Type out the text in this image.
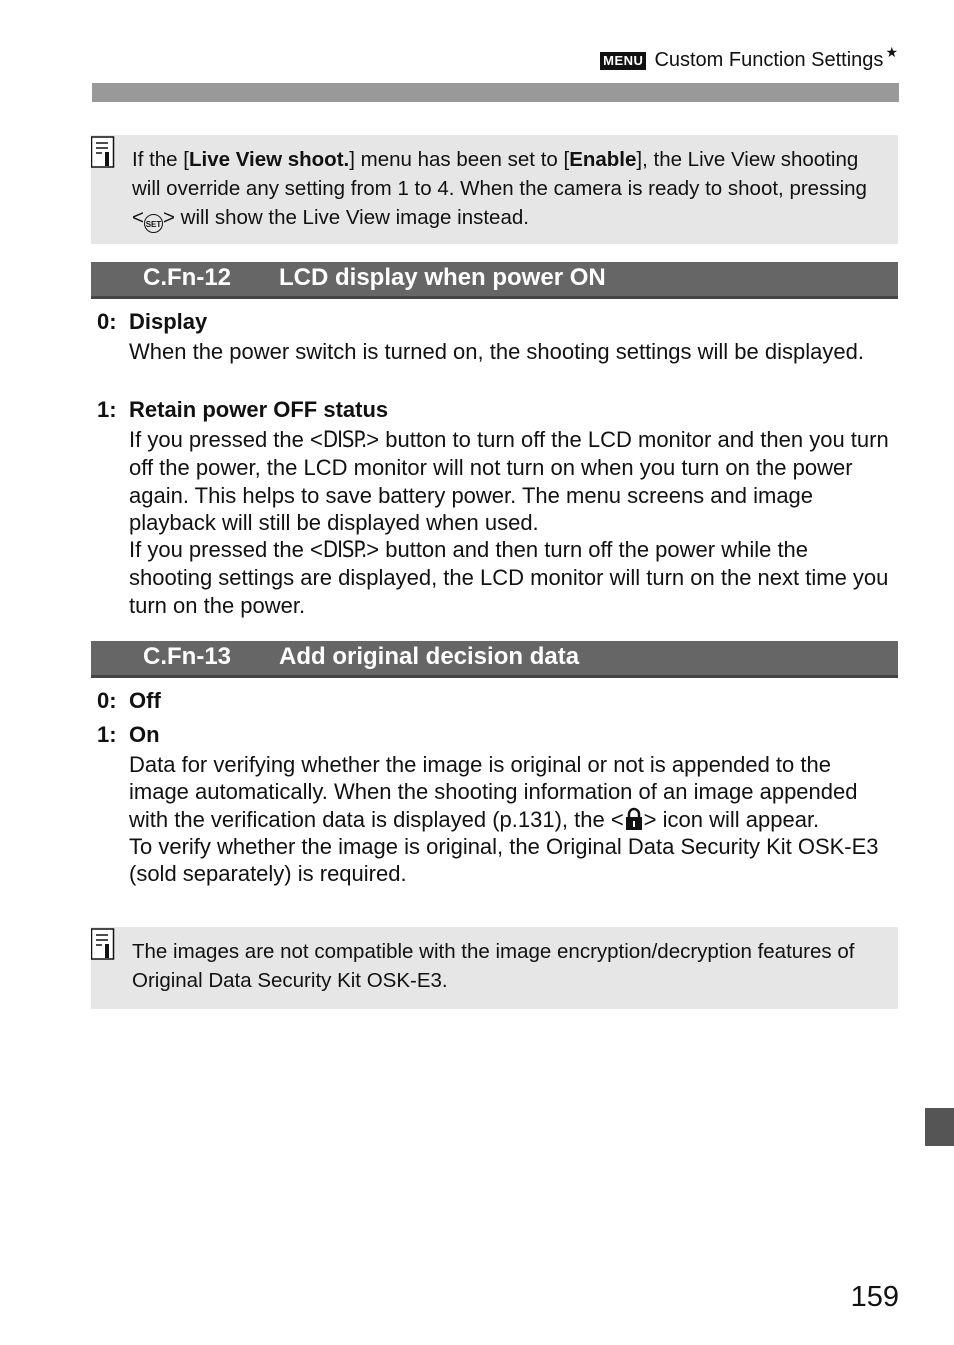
MENU Custom Function Settings ★
If the [Live View shoot.] menu has been set to [Enable], the Live View shooting will override any setting from 1 to 4. When the camera is ready to shoot, pressing < SET> will show the Live View image instead.
C.Fn-12 LCD display when power ON
0: Display

When the power switch is turned on, the shooting settings will be displayed.

1: Retain power OFF status

If you pressed the <DISP.> button to turn off the LCD monitor and then you turn off the power, the LCD monitor will not turn on when you turn on the power again. This helps to save battery power. The menu screens and image playback will still be displayed when used.

If you pressed the <DISP.> button and then turn off the power while the shooting settings are displayed, the LCD monitor will turn on the next time you turn on the power.

C.Fn-13 Add original decision data
0: Off
1: On

Data for verifying whether the image is original or not is appended to the image automatically. When the shooting information of an image appended with the verification data is displayed (p.131), the < > icon will appear.

To verify whether the image is original, the Original Data Security Kit OSK-E3 (sold separately) is required.

The images are not compatible with the image encryption/decryption features of Original Data Security Kit OSK-E3.
159
